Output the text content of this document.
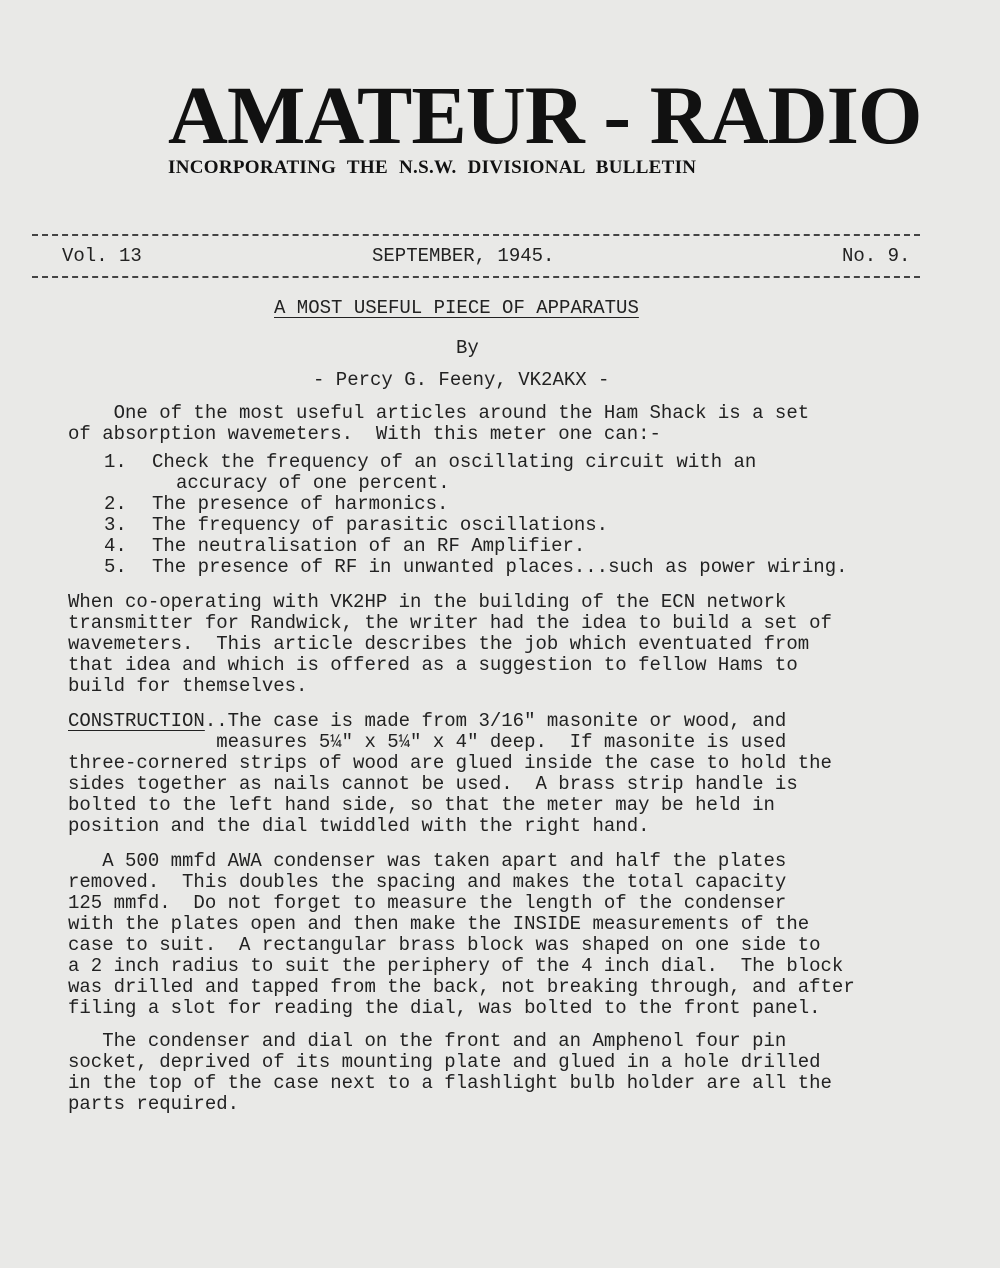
AMATEUR - RADIO
INCORPORATING THE N.S.W. DIVISIONAL BULLETIN
Vol. 13	SEPTEMBER, 1945.	No. 9.
A MOST USEFUL PIECE OF APPARATUS
By
- Percy G. Feeny, VK2AKX -
One of the most useful articles around the Ham Shack is a set
of absorption wavemeters.  With this meter one can:-
1. Check the frequency of an oscillating circuit with an
accuracy of one percent.
2. The presence of harmonics.
3. The frequency of parasitic oscillations.
4. The neutralisation of an RF Amplifier.
5. The presence of RF in unwanted places...such as power wiring.
When co-operating with VK2HP in the building of the ECN network
transmitter for Randwick, the writer had the idea to build a set of
wavemeters.  This article describes the job which eventuated from
that idea and which is offered as a suggestion to fellow Hams to
build for themselves.
CONSTRUCTION..The case is made from 3/16" masonite or wood, and
measures 5¼" x 5¼" x 4" deep.  If masonite is used
three-cornered strips of wood are glued inside the case to hold the
sides together as nails cannot be used.  A brass strip handle is
bolted to the left hand side, so that the meter may be held in
position and the dial twiddled with the right hand.
A 500 mmfd AWA condenser was taken apart and half the plates
removed.  This doubles the spacing and makes the total capacity
125 mmfd.  Do not forget to measure the length of the condenser
with the plates open and then make the INSIDE measurements of the
case to suit.  A rectangular brass block was shaped on one side to
a 2 inch radius to suit the periphery of the 4 inch dial.  The block
was drilled and tapped from the back, not breaking through, and after
filing a slot for reading the dial, was bolted to the front panel.
The condenser and dial on the front and an Amphenol four pin
socket, deprived of its mounting plate and glued in a hole drilled
in the top of the case next to a flashlight bulb holder are all the
parts required.
